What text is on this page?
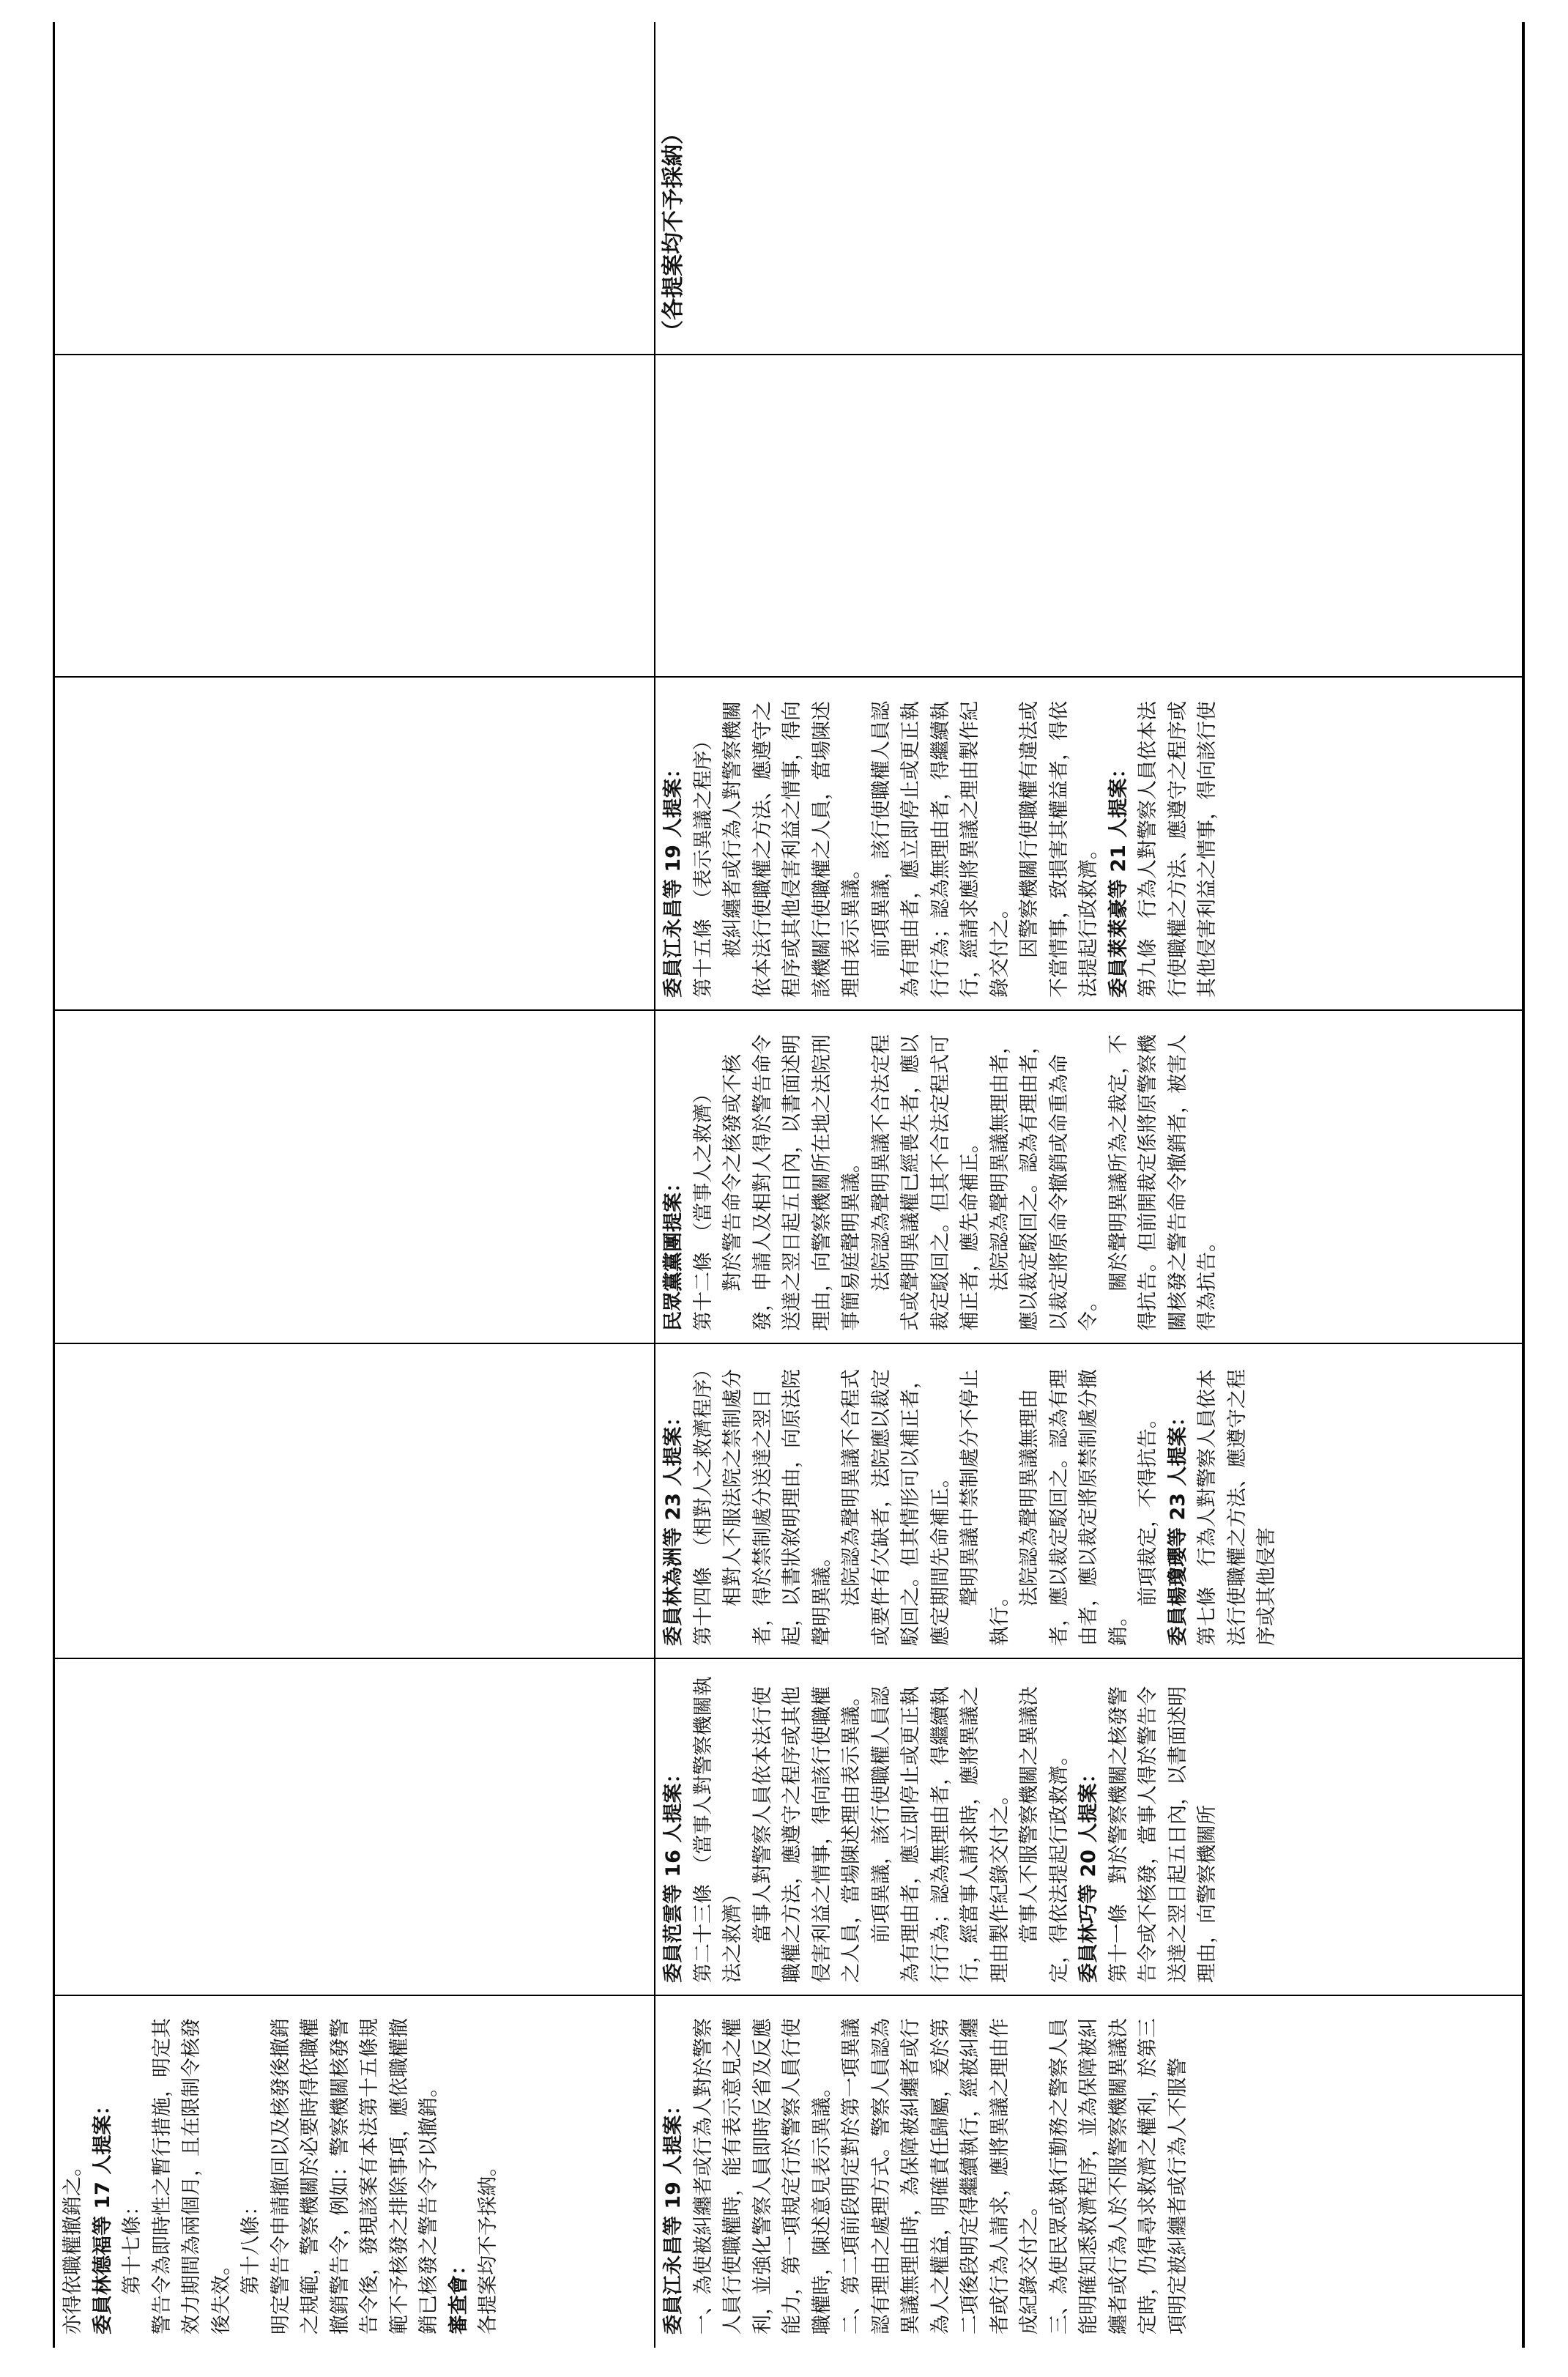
亦得依職權撤銷之。 委員林德福等 17 人提案： 第十七條： 警告令為即時性之暫行措施，明定其效力期間為兩個月，且在限制令核發後失效。 第十八條： 明定警告令申請撤回以及核發後撤銷之規範，警察機關於必要時得依職權撤銷警告令，例如：警察機關核發警告令後，發現該案有本法第十五條規範不予核發之排除事項，應依職權撤銷已核發之警告令予以撤銷。 審查會： 各提案均不予採納。	委員江永昌等 19 人提案： 一、為使被糾纏者或行為人對於警察人員行使職權時，能有表示意見之權利，並強化警察人員即時反省及反應能力，第一項規定行於警察人員行使職權時，陳述意見表示異議。 二、第二項前段明定對於第一項異議認有理由之處理方式。警察人員認為異議無理由時，為保障被糾纏者或行為人之權益，明確責任歸屬，爰於第二項後段明定得繼續執行，經被糾纏者或行為人請求，應將異議之理由作成紀錄交付之。 三、為使民眾或執行勤務之警察人員能明確知悉救濟程序，並為保障被糾纏者或行為人於不服警察機關異議決定時，仍得尋求救濟之權利，於第三項明定被糾纏者或行為人不服警

委員范雲等 16 人提案： 第二十三條　（當事人對警察機關執法之救濟） 當事人對警察人員依本法行使職權之方法，應遵守之程序或其他侵害利益之情事，得向該行使職權之人員，當場陳述理由表示異議。 前項異議，該行使職權人員認為有理由者，應立即停止或更正執行行為；認為無理由者，得繼續執行，經當事人請求時，應將異議之理由製作紀錄交付之。 當事人不服警察機關之異議決定，得依法提起行政救濟。 委員林巧等 20 人提案： 第十一條　對於警察機關之核發警告令或不核發，當事人得於警告令送達之翌日起五日內，以書面述明理由，向警察機關所

委員林為洲等 23 人提案： 第十四條　（相對人之救濟程序） 相對人不服法院之禁制處分者，得於禁制處分送達之翌日起，以書狀敘明理由，向原法院聲明異議。 法院認為聲明異議不合程式或要件有欠缺者，法院應以裁定駁回之。但其情形可以補正者，應定期間先命補正。 聲明異議中禁制處分不停止執行。

法院認為聲明異議無理由者，應以裁定駁回之。認為有理由者，應以裁定將原禁制處分撤銷。

前項裁定，不得抗告。 委員楊瓊瓔等 23 人提案： 第七條　行為人對警察人員依本法行使職權之方法、應遵守之程序或其他侵害

民眾黨黨團提案： 第十二條　（當事人之救濟） 對於警告命令之核發或不核發，申請人及相對人得於警告命令送達之翌日起五日內，以書面述明理由，向警察機關所在地之法院刑事簡易庭聲明異議。 法院認為聲明異議不合法定程式或聲明異議權已經喪失者，應以裁定駁回之。但其不合法定程式可補正者，應先命補正。 法院認為聲明異議無理由者，應以裁定駁回之。認為有理由者，以裁定將原命令撤銷或命重為命令。

關於聲明異議所為之裁定，不得抗告。但前開裁定係將原警察機關核發之警告命令撤銷者，被害人得為抗告。

委員江永昌等 19 人提案： 第十五條　（表示異議之程序） 被糾纏者或行為人對警察機關依本法行使職權之方法、應遵守之程序或其他侵害利益之情事，得向該機關行使職權之人員，當場陳述理由表示異議。 前項異議，該行使職權人員認為有理由者，應立即停止或更正執行行為；認為無理由者，得繼續執行，經請求應將異議之理由製作紀錄交付之。 因警察機關行使職權有違法或不當情事，致損害其權益者，得依法提起行政救濟。 委員萊萊豪等 21 人提案： 第九條　行為人對警察人員依本法行使職權之方法、應遵守之程序或其他侵害利益之情事，得向該行使

（各提案均不予採納）
